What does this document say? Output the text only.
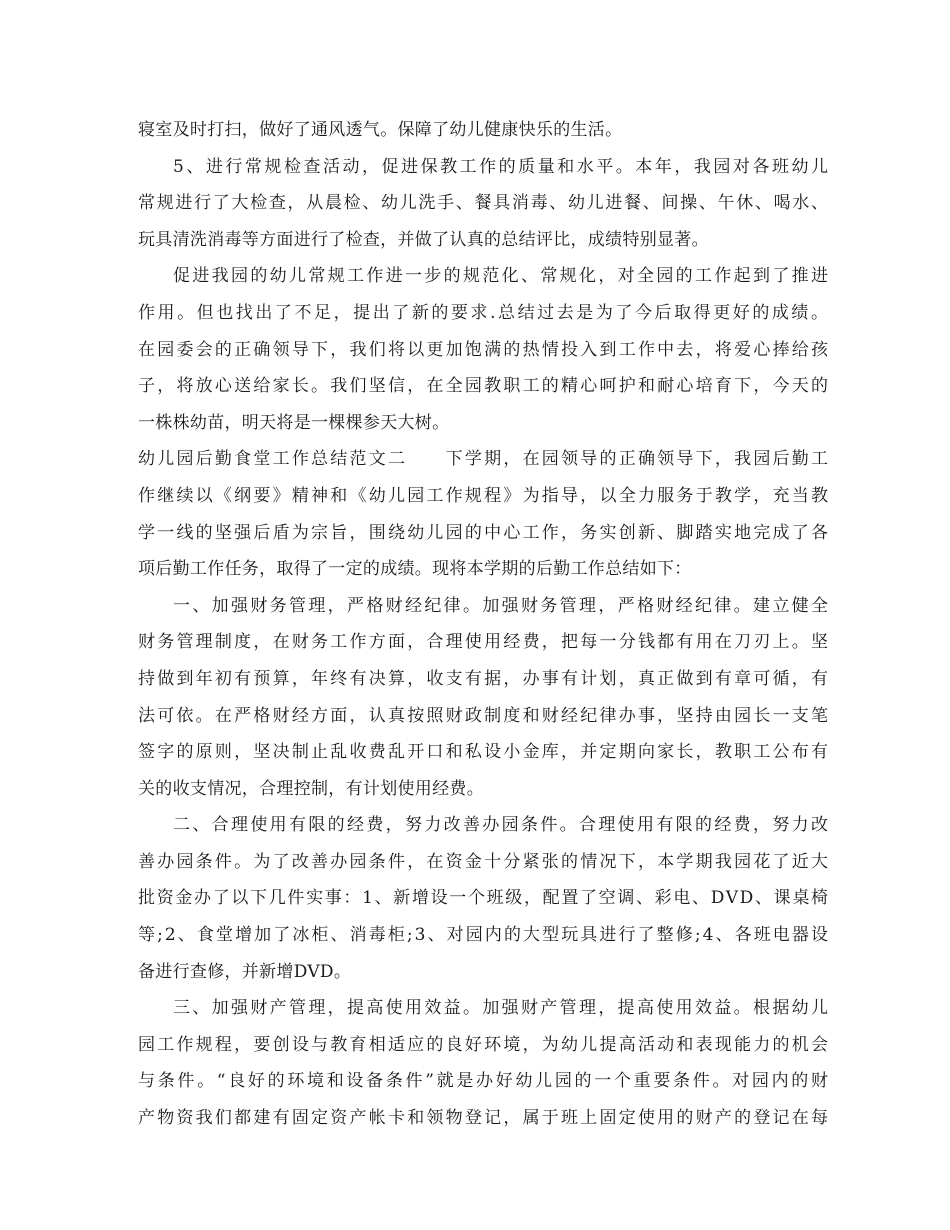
寝室及时打扫，做好了通风透气。保障了幼儿健康快乐的生活。
5、进行常规检查活动，促进保教工作的质量和水平。本年，我园对各班幼儿
常规进行了大检查，从晨检、幼儿洗手、餐具消毒、幼儿进餐、间操、午休、喝水、
玩具清洗消毒等方面进行了检查，并做了认真的总结评比，成绩特别显著。
促进我园的幼儿常规工作进一步的规范化、常规化，对全园的工作起到了推进
作用。但也找出了不足，提出了新的要求.总结过去是为了今后取得更好的成绩。
在园委会的正确领导下，我们将以更加饱满的热情投入到工作中去，将爱心捧给孩
子，将放心送给家长。我们坚信，在全园教职工的精心呵护和耐心培育下，今天的
一株株幼苗，明天将是一棵棵参天大树。
幼儿园后勤食堂工作总结范文二　　下学期，在园领导的正确领导下，我园后勤工
作继续以《纲要》精神和《幼儿园工作规程》为指导，以全力服务于教学，充当教
学一线的坚强后盾为宗旨，围绕幼儿园的中心工作，务实创新、脚踏实地完成了各
项后勤工作任务，取得了一定的成绩。现将本学期的后勤工作总结如下：
一、加强财务管理，严格财经纪律。加强财务管理，严格财经纪律。建立健全
财务管理制度，在财务工作方面，合理使用经费，把每一分钱都有用在刀刃上。坚
持做到年初有预算，年终有决算，收支有据，办事有计划，真正做到有章可循，有
法可依。在严格财经方面，认真按照财政制度和财经纪律办事，坚持由园长一支笔
签字的原则，坚决制止乱收费乱开口和私设小金库，并定期向家长，教职工公布有
关的收支情况，合理控制，有计划使用经费。
二、合理使用有限的经费，努力改善办园条件。合理使用有限的经费，努力改
善办园条件。为了改善办园条件，在资金十分紧张的情况下，本学期我园花了近大
批资金办了以下几件实事：1、新增设一个班级，配置了空调、彩电、DVD、课桌椅
等;2、食堂增加了冰柜、消毒柜;3、对园内的大型玩具进行了整修;4、各班电器设
备进行查修，并新增DVD。
三、加强财产管理，提高使用效益。加强财产管理，提高使用效益。根据幼儿
园工作规程，要创设与教育相适应的良好环境，为幼儿提高活动和表现能力的机会
与条件。“良好的环境和设备条件”就是办好幼儿园的一个重要条件。对园内的财
产物资我们都建有固定资产帐卡和领物登记，属于班上固定使用的财产的登记在每
